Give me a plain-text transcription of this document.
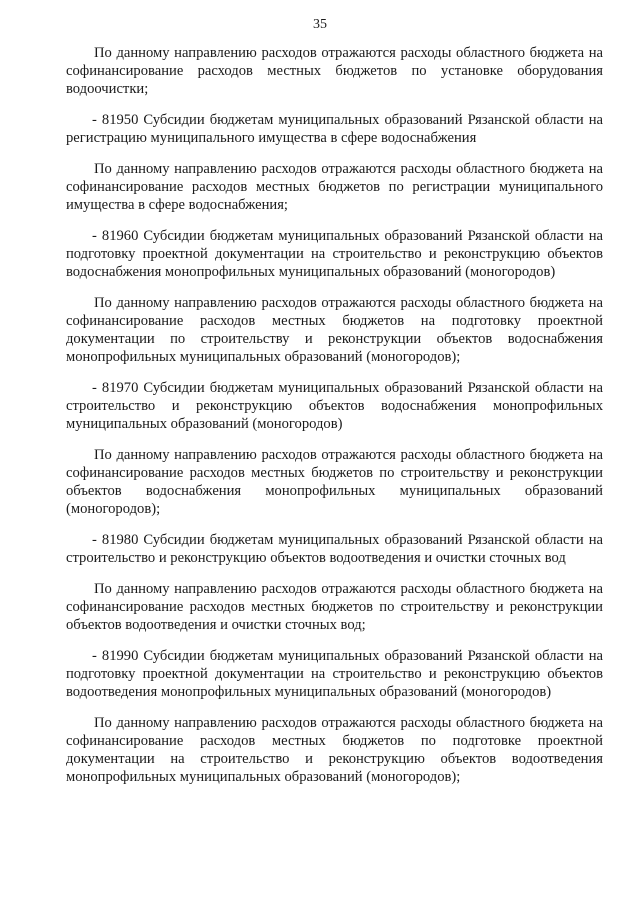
35

По данному направлению расходов отражаются расходы областного бюджета на софинансирование расходов местных бюджетов по установке оборудования водоочистки;

- 81950 Субсидии бюджетам муниципальных образований Рязанской области на регистрацию муниципального имущества в сфере водоснабжения

По данному направлению расходов отражаются расходы областного бюджета на софинансирование расходов местных бюджетов по регистрации муниципального имущества в сфере водоснабжения;

- 81960 Субсидии бюджетам муниципальных образований Рязанской области на подготовку проектной документации на строительство и реконструкцию объектов водоснабжения монопрофильных муниципальных образований (моногородов)

По данному направлению расходов отражаются расходы областного бюджета на софинансирование расходов местных бюджетов на подготовку проектной документации по строительству и реконструкции объектов водоснабжения монопрофильных муниципальных образований (моногородов);

- 81970 Субсидии бюджетам муниципальных образований Рязанской области на строительство и реконструкцию объектов водоснабжения монопрофильных муниципальных образований (моногородов)

По данному направлению расходов отражаются расходы областного бюджета на софинансирование расходов местных бюджетов по строительству и реконструкции объектов водоснабжения монопрофильных муниципальных образований (моногородов);

- 81980 Субсидии бюджетам муниципальных образований Рязанской области на строительство и реконструкцию объектов водоотведения и очистки сточных вод

По данному направлению расходов отражаются расходы областного бюджета на софинансирование расходов местных бюджетов по строительству и реконструкции объектов водоотведения и очистки сточных вод;

- 81990 Субсидии бюджетам муниципальных образований Рязанской области на подготовку проектной документации на строительство и реконструкцию объектов водоотведения монопрофильных муниципальных образований (моногородов)

По данному направлению расходов отражаются расходы областного бюджета на софинансирование расходов местных бюджетов по подготовке проектной документации на строительство и реконструкцию объектов водоотведения монопрофильных муниципальных образований (моногородов);
